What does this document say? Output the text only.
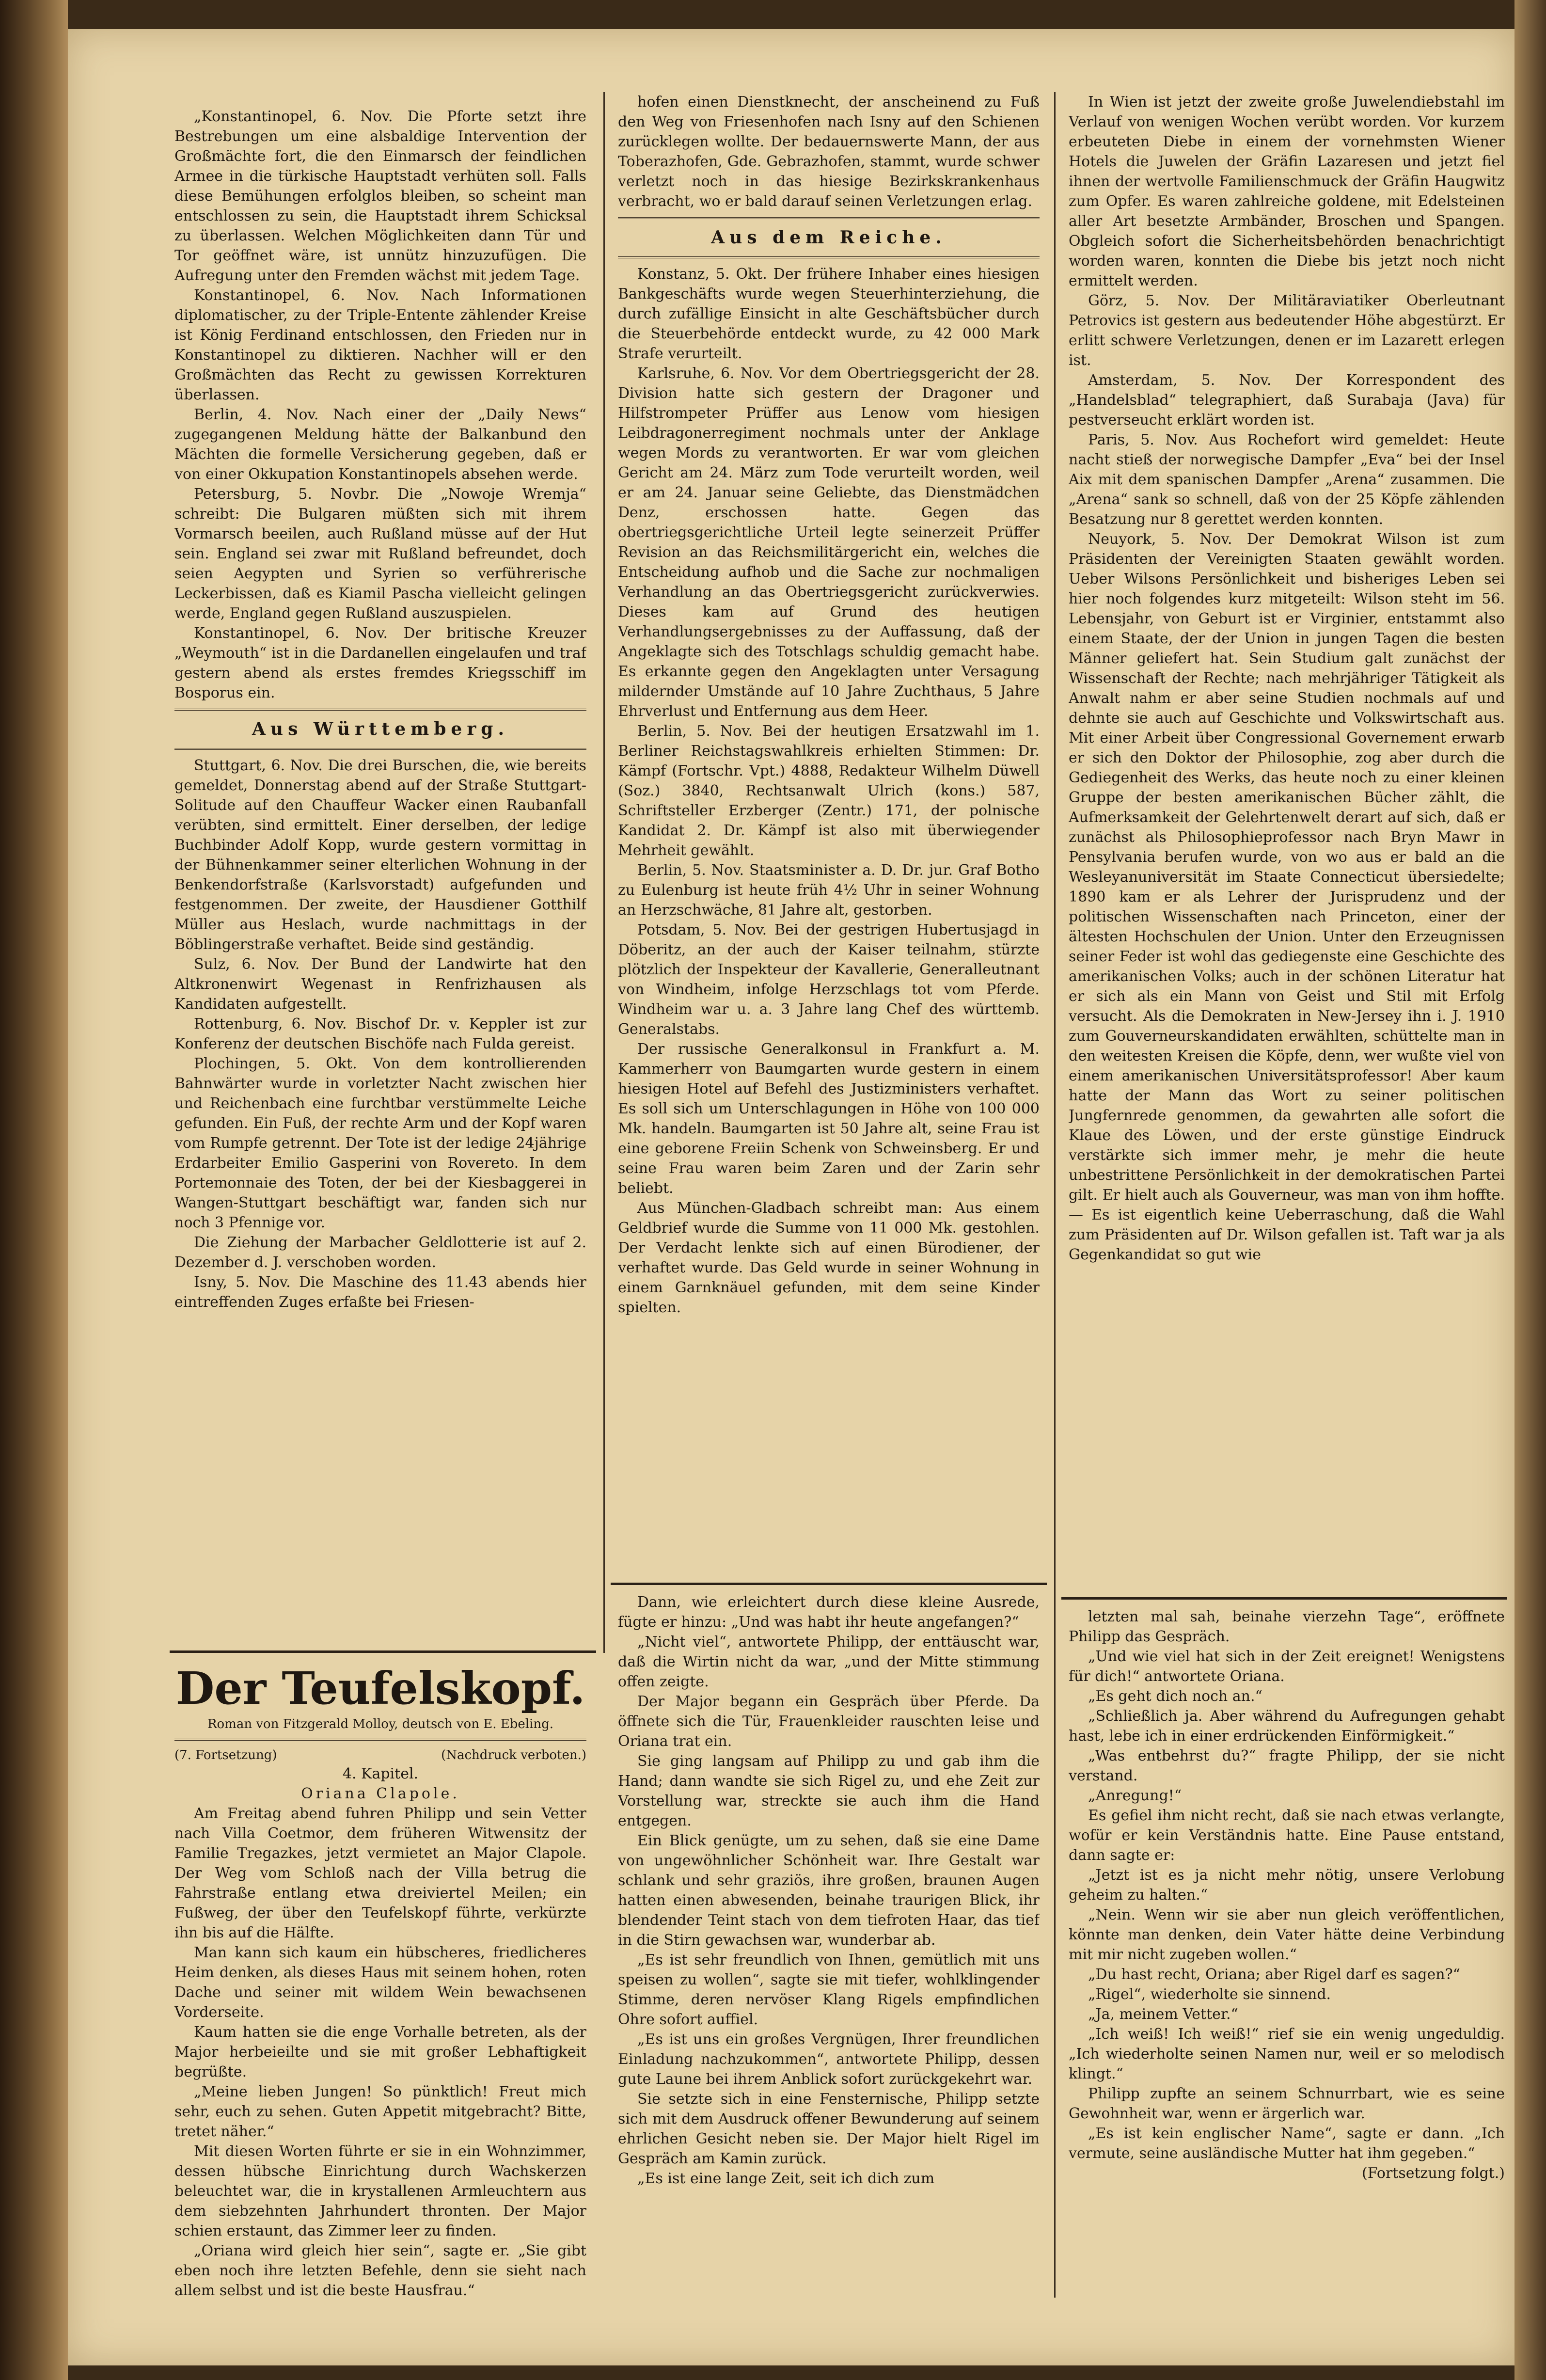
„Konstantinopel, 6. Nov. Die Pforte setzt ihre Bestrebungen um eine alsbaldige Intervention der Großmächte fort, die den Einmarsch der feindlichen Armee in die türkische Hauptstadt verhüten soll. Falls diese Bemühungen erfolglos bleiben, so scheint man entschlossen zu sein, die Hauptstadt ihrem Schicksal zu überlassen. Welchen Möglichkeiten dann Tür und Tor geöffnet wäre, ist unnütz hinzuzufügen. Die Aufregung unter den Fremden wächst mit jedem Tage.

Konstantinopel, 6. Nov. Nach Informationen diplomatischer, zu der Triple-Entente zählender Kreise ist König Ferdinand entschlossen, den Frieden nur in Konstantinopel zu diktieren. Nachher will er den Großmächten das Recht zu gewissen Korrekturen überlassen.

Berlin, 4. Nov. Nach einer der „Daily News“ zugegangenen Meldung hätte der Balkanbund den Mächten die formelle Versicherung gegeben, daß er von einer Okkupation Konstantinopels absehen werde.

Petersburg, 5. Novbr. Die „Nowoje Wremja“ schreibt: Die Bulgaren müßten sich mit ihrem Vormarsch beeilen, auch Rußland müsse auf der Hut sein. England sei zwar mit Rußland befreundet, doch seien Aegypten und Syrien so verführerische Leckerbissen, daß es Kiamil Pascha vielleicht gelingen werde, England gegen Rußland auszuspielen.

Konstantinopel, 6. Nov. Der britische Kreuzer „Weymouth“ ist in die Dardanellen eingelaufen und traf gestern abend als erstes fremdes Kriegsschiff im Bosporus ein.

Aus Württemberg.

Stuttgart, 6. Nov. Die drei Burschen, die, wie bereits gemeldet, Donnerstag abend auf der Straße Stuttgart-Solitude auf den Chauffeur Wacker einen Raubanfall verübten, sind ermittelt. Einer derselben, der ledige Buchbinder Adolf Kopp, wurde gestern vormittag in der Bühnenkammer seiner elterlichen Wohnung in der Benkendorfstraße (Karlsvorstadt) aufgefunden und festgenommen. Der zweite, der Hausdiener Gotthilf Müller aus Heslach, wurde nachmittags in der Böblingerstraße verhaftet. Beide sind geständig.

Sulz, 6. Nov. Der Bund der Landwirte hat den Altkronenwirt Wegenast in Renfrizhausen als Kandidaten aufgestellt.

Rottenburg, 6. Nov. Bischof Dr. v. Keppler ist zur Konferenz der deutschen Bischöfe nach Fulda gereist.

Plochingen, 5. Okt. Von dem kontrollierenden Bahnwärter wurde in vorletzter Nacht zwischen hier und Reichenbach eine furchtbar verstümmelte Leiche gefunden. Ein Fuß, der rechte Arm und der Kopf waren vom Rumpfe getrennt. Der Tote ist der ledige 24jährige Erdarbeiter Emilio Gasperini von Rovereto. In dem Portemonnaie des Toten, der bei der Kiesbaggerei in Wangen-Stuttgart beschäftigt war, fanden sich nur noch 3 Pfennige vor.

Die Ziehung der Marbacher Geldlotterie ist auf 2. Dezember d. J. verschoben worden.

Isny, 5. Nov. Die Maschine des 11.43 abends hier eintreffenden Zuges erfaßte bei Friesen-

hofen einen Dienstknecht, der anscheinend zu Fuß den Weg von Friesenhofen nach Isny auf den Schienen zurücklegen wollte. Der bedauernswerte Mann, der aus Toberazhofen, Gde. Gebrazhofen, stammt, wurde schwer verletzt noch in das hiesige Bezirkskrankenhaus verbracht, wo er bald darauf seinen Verletzungen erlag.

Aus dem Reiche.

Konstanz, 5. Okt. Der frühere Inhaber eines hiesigen Bankgeschäfts wurde wegen Steuerhinterziehung, die durch zufällige Einsicht in alte Geschäftsbücher durch die Steuerbehörde entdeckt wurde, zu 42 000 Mark Strafe verurteilt.

Karlsruhe, 6. Nov. Vor dem Obertriegsgericht der 28. Division hatte sich gestern der Dragoner und Hilfstrompeter Prüffer aus Lenow vom hiesigen Leibdragonerregiment nochmals unter der Anklage wegen Mords zu verantworten. Er war vom gleichen Gericht am 24. März zum Tode verurteilt worden, weil er am 24. Januar seine Geliebte, das Dienstmädchen Denz, erschossen hatte. Gegen das obertriegsgerichtliche Urteil legte seinerzeit Prüffer Revision an das Reichsmilitärgericht ein, welches die Entscheidung aufhob und die Sache zur nochmaligen Verhandlung an das Obertriegsgericht zurückverwies. Dieses kam auf Grund des heutigen Verhandlungsergebnisses zu der Auffassung, daß der Angeklagte sich des Totschlags schuldig gemacht habe. Es erkannte gegen den Angeklagten unter Versagung mildernder Umstände auf 10 Jahre Zuchthaus, 5 Jahre Ehrverlust und Entfernung aus dem Heer.

Berlin, 5. Nov. Bei der heutigen Ersatzwahl im 1. Berliner Reichstagswahlkreis erhielten Stimmen: Dr. Kämpf (Fortschr. Vpt.) 4888, Redakteur Wilhelm Düwell (Soz.) 3840, Rechtsanwalt Ulrich (kons.) 587, Schriftsteller Erzberger (Zentr.) 171, der polnische Kandidat 2. Dr. Kämpf ist also mit überwiegender Mehrheit gewählt.

Berlin, 5. Nov. Staatsminister a. D. Dr. jur. Graf Botho zu Eulenburg ist heute früh 4½ Uhr in seiner Wohnung an Herzschwäche, 81 Jahre alt, gestorben.

Potsdam, 5. Nov. Bei der gestrigen Hubertusjagd in Döberitz, an der auch der Kaiser teilnahm, stürzte plötzlich der Inspekteur der Kavallerie, Generalleutnant von Windheim, infolge Herzschlags tot vom Pferde. Windheim war u. a. 3 Jahre lang Chef des württemb. Generalstabs.

Der russische Generalkonsul in Frankfurt a. M. Kammerherr von Baumgarten wurde gestern in einem hiesigen Hotel auf Befehl des Justizministers verhaftet. Es soll sich um Unterschlagungen in Höhe von 100 000 Mk. handeln. Baumgarten ist 50 Jahre alt, seine Frau ist eine geborene Freiin Schenk von Schweinsberg. Er und seine Frau waren beim Zaren und der Zarin sehr beliebt.

Aus München-Gladbach schreibt man: Aus einem Geldbrief wurde die Summe von 11 000 Mk. gestohlen. Der Verdacht lenkte sich auf einen Bürodiener, der verhaftet wurde. Das Geld wurde in seiner Wohnung in einem Garnknäuel gefunden, mit dem seine Kinder spielten.

In Wien ist jetzt der zweite große Juwelendiebstahl im Verlauf von wenigen Wochen verübt worden. Vor kurzem erbeuteten Diebe in einem der vornehmsten Wiener Hotels die Juwelen der Gräfin Lazaresen und jetzt fiel ihnen der wertvolle Familienschmuck der Gräfin Haugwitz zum Opfer. Es waren zahlreiche goldene, mit Edelsteinen aller Art besetzte Armbänder, Broschen und Spangen. Obgleich sofort die Sicherheitsbehörden benachrichtigt worden waren, konnten die Diebe bis jetzt noch nicht ermittelt werden.

Görz, 5. Nov. Der Militäraviatiker Oberleutnant Petrovics ist gestern aus bedeutender Höhe abgestürzt. Er erlitt schwere Verletzungen, denen er im Lazarett erlegen ist.

Amsterdam, 5. Nov. Der Korrespondent des „Handelsblad“ telegraphiert, daß Surabaja (Java) für pestverseucht erklärt worden ist.

Paris, 5. Nov. Aus Rochefort wird gemeldet: Heute nacht stieß der norwegische Dampfer „Eva“ bei der Insel Aix mit dem spanischen Dampfer „Arena“ zusammen. Die „Arena“ sank so schnell, daß von der 25 Köpfe zählenden Besatzung nur 8 gerettet werden konnten.

Neuyork, 5. Nov. Der Demokrat Wilson ist zum Präsidenten der Vereinigten Staaten gewählt worden. Ueber Wilsons Persönlichkeit und bisheriges Leben sei hier noch folgendes kurz mitgeteilt: Wilson steht im 56. Lebensjahr, von Geburt ist er Virginier, entstammt also einem Staate, der der Union in jungen Tagen die besten Männer geliefert hat. Sein Studium galt zunächst der Wissenschaft der Rechte; nach mehrjähriger Tätigkeit als Anwalt nahm er aber seine Studien nochmals auf und dehnte sie auch auf Geschichte und Volkswirtschaft aus. Mit einer Arbeit über Congressional Governement erwarb er sich den Doktor der Philosophie, zog aber durch die Gediegenheit des Werks, das heute noch zu einer kleinen Gruppe der besten amerikanischen Bücher zählt, die Aufmerksamkeit der Gelehrtenwelt derart auf sich, daß er zunächst als Philosophieprofessor nach Bryn Mawr in Pensylvania berufen wurde, von wo aus er bald an die Wesleyanuniversität im Staate Connecticut übersiedelte; 1890 kam er als Lehrer der Jurisprudenz und der politischen Wissenschaften nach Princeton, einer der ältesten Hochschulen der Union. Unter den Erzeugnissen seiner Feder ist wohl das gediegenste eine Geschichte des amerikanischen Volks; auch in der schönen Literatur hat er sich als ein Mann von Geist und Stil mit Erfolg versucht. Als die Demokraten in New-Jersey ihn i. J. 1910 zum Gouverneurskandidaten erwählten, schüttelte man in den weitesten Kreisen die Köpfe, denn, wer wußte viel von einem amerikanischen Universitätsprofessor! Aber kaum hatte der Mann das Wort zu seiner politischen Jungfernrede genommen, da gewahrten alle sofort die Klaue des Löwen, und der erste günstige Eindruck verstärkte sich immer mehr, je mehr die heute unbestrittene Persönlichkeit in der demokratischen Partei gilt. Er hielt auch als Gouverneur, was man von ihm hoffte. — Es ist eigentlich keine Ueberraschung, daß die Wahl zum Präsidenten auf Dr. Wilson gefallen ist. Taft war ja als Gegenkandidat so gut wie

Der Teufelskopf.

Roman von Fitzgerald Molloy, deutsch von E. Ebeling.

(7. Fortsetzung)	(Nachdruck verboten.)

4. Kapitel.

Oriana Clapole.

Am Freitag abend fuhren Philipp und sein Vetter nach Villa Coetmor, dem früheren Witwensitz der Familie Tregazkes, jetzt vermietet an Major Clapole. Der Weg vom Schloß nach der Villa betrug die Fahrstraße entlang etwa dreiviertel Meilen; ein Fußweg, der über den Teufelskopf führte, verkürzte ihn bis auf die Hälfte.

Man kann sich kaum ein hübscheres, friedlicheres Heim denken, als dieses Haus mit seinem hohen, roten Dache und seiner mit wildem Wein bewachsenen Vorderseite.

Kaum hatten sie die enge Vorhalle betreten, als der Major herbeieilte und sie mit großer Lebhaftigkeit begrüßte.

„Meine lieben Jungen! So pünktlich! Freut mich sehr, euch zu sehen. Guten Appetit mitgebracht? Bitte, tretet näher.“

Mit diesen Worten führte er sie in ein Wohnzimmer, dessen hübsche Einrichtung durch Wachskerzen beleuchtet war, die in krystallenen Armleuchtern aus dem siebzehnten Jahrhundert thronten. Der Major schien erstaunt, das Zimmer leer zu finden.

„Oriana wird gleich hier sein“, sagte er. „Sie gibt eben noch ihre letzten Befehle, denn sie sieht nach allem selbst und ist die beste Hausfrau.“

Dann, wie erleichtert durch diese kleine Ausrede, fügte er hinzu: „Und was habt ihr heute angefangen?“

„Nicht viel“, antwortete Philipp, der enttäuscht war, daß die Wirtin nicht da war, „und der Mitte stimmung offen zeigte.

Der Major begann ein Gespräch über Pferde. Da öffnete sich die Tür, Frauenkleider rauschten leise und Oriana trat ein.

Sie ging langsam auf Philipp zu und gab ihm die Hand; dann wandte sie sich Rigel zu, und ehe Zeit zur Vorstellung war, streckte sie auch ihm die Hand entgegen.

Ein Blick genügte, um zu sehen, daß sie eine Dame von ungewöhnlicher Schönheit war. Ihre Gestalt war schlank und sehr graziös, ihre großen, braunen Augen hatten einen abwesenden, beinahe traurigen Blick, ihr blendender Teint stach von dem tiefroten Haar, das tief in die Stirn gewachsen war, wunderbar ab.

„Es ist sehr freundlich von Ihnen, gemütlich mit uns speisen zu wollen“, sagte sie mit tiefer, wohlklingender Stimme, deren nervöser Klang Rigels empfindlichen Ohre sofort auffiel.

„Es ist uns ein großes Vergnügen, Ihrer freundlichen Einladung nachzukommen“, antwortete Philipp, dessen gute Laune bei ihrem Anblick sofort zurückgekehrt war.

Sie setzte sich in eine Fensternische, Philipp setzte sich mit dem Ausdruck offener Bewunderung auf seinem ehrlichen Gesicht neben sie. Der Major hielt Rigel im Gespräch am Kamin zurück.

„Es ist eine lange Zeit, seit ich dich zum

letzten mal sah, beinahe vierzehn Tage“, eröffnete Philipp das Gespräch.

„Und wie viel hat sich in der Zeit ereignet! Wenigstens für dich!“ antwortete Oriana.

„Es geht dich noch an.“

„Schließlich ja. Aber während du Aufregungen gehabt hast, lebe ich in einer erdrückenden Einförmigkeit.“

„Was entbehrst du?“ fragte Philipp, der sie nicht verstand.

„Anregung!“

Es gefiel ihm nicht recht, daß sie nach etwas verlangte, wofür er kein Verständnis hatte. Eine Pause entstand, dann sagte er:

„Jetzt ist es ja nicht mehr nötig, unsere Verlobung geheim zu halten.“

„Nein. Wenn wir sie aber nun gleich veröffentlichen, könnte man denken, dein Vater hätte deine Verbindung mit mir nicht zugeben wollen.“

„Du hast recht, Oriana; aber Rigel darf es sagen?“

„Rigel“, wiederholte sie sinnend.

„Ja, meinem Vetter.“

„Ich weiß! Ich weiß!“ rief sie ein wenig ungeduldig. „Ich wiederholte seinen Namen nur, weil er so melodisch klingt.“

Philipp zupfte an seinem Schnurrbart, wie es seine Gewohnheit war, wenn er ärgerlich war.

„Es ist kein englischer Name“, sagte er dann. „Ich vermute, seine ausländische Mutter hat ihm gegeben.“

(Fortsetzung folgt.)
